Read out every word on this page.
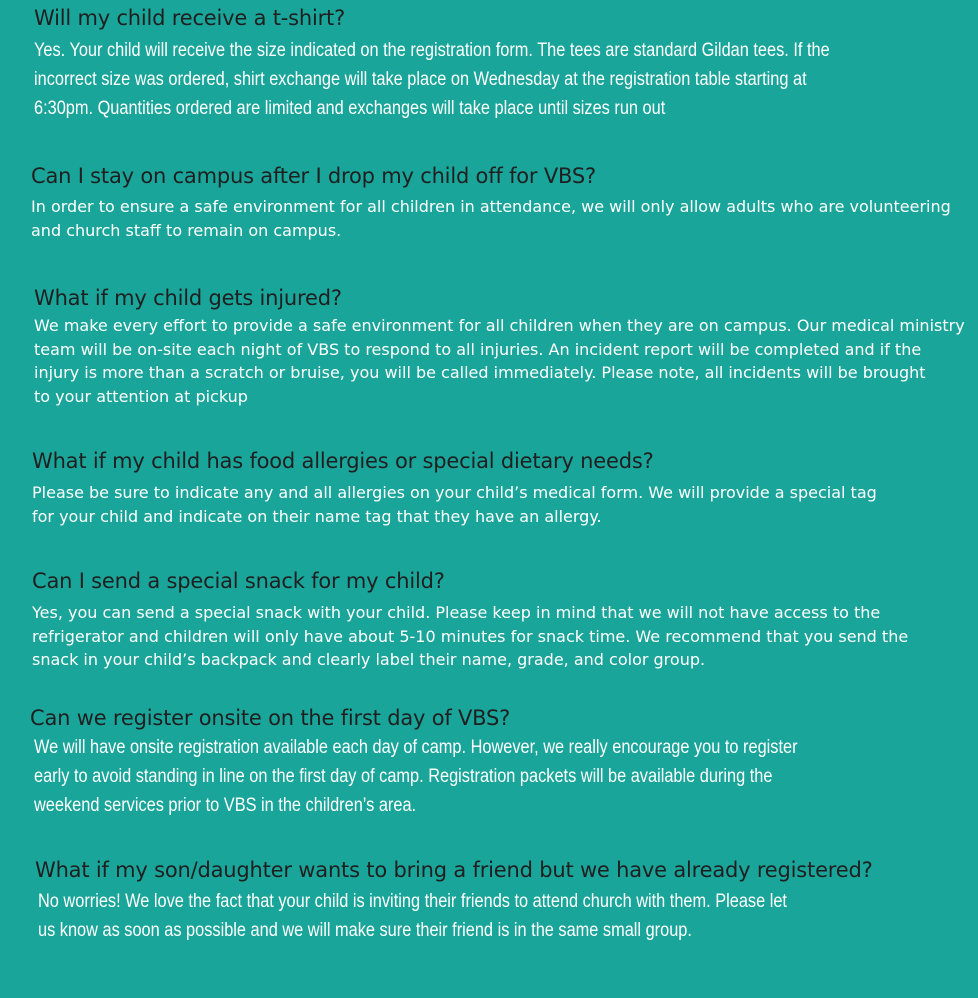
Will my child receive a t-shirt?
Yes. Your child will receive the size indicated on the registration form. The tees are standard Gildan tees. If the
incorrect size was ordered, shirt exchange will take place on Wednesday at the registration table starting at
6:30pm. Quantities ordered are limited and exchanges will take place until sizes run out
Can I stay on campus after I drop my child off for VBS?
In order to ensure a safe environment for all children in attendance, we will only allow adults who are volunteering
and church staff to remain on campus.
What if my child gets injured?
We make every effort to provide a safe environment for all children when they are on campus. Our medical ministry
team will be on-site each night of VBS to respond to all injuries. An incident report will be completed and if the
injury is more than a scratch or bruise, you will be called immediately. Please note, all incidents will be brought
to your attention at pickup
What if my child has food allergies or special dietary needs?
Please be sure to indicate any and all allergies on your child’s medical form. We will provide a special tag
for your child and indicate on their name tag that they have an allergy.
Can I send a special snack for my child?
Yes, you can send a special snack with your child. Please keep in mind that we will not have access to the
refrigerator and children will only have about 5-10 minutes for snack time. We recommend that you send the
snack in your child’s backpack and clearly label their name, grade, and color group.
Can we register onsite on the first day of VBS?
We will have onsite registration available each day of camp. However, we really encourage you to register
early to avoid standing in line on the first day of camp. Registration packets will be available during the
weekend services prior to VBS in the children’s area.
What if my son/daughter wants to bring a friend but we have already registered?
No worries! We love the fact that your child is inviting their friends to attend church with them. Please let
us know as soon as possible and we will make sure their friend is in the same small group.
